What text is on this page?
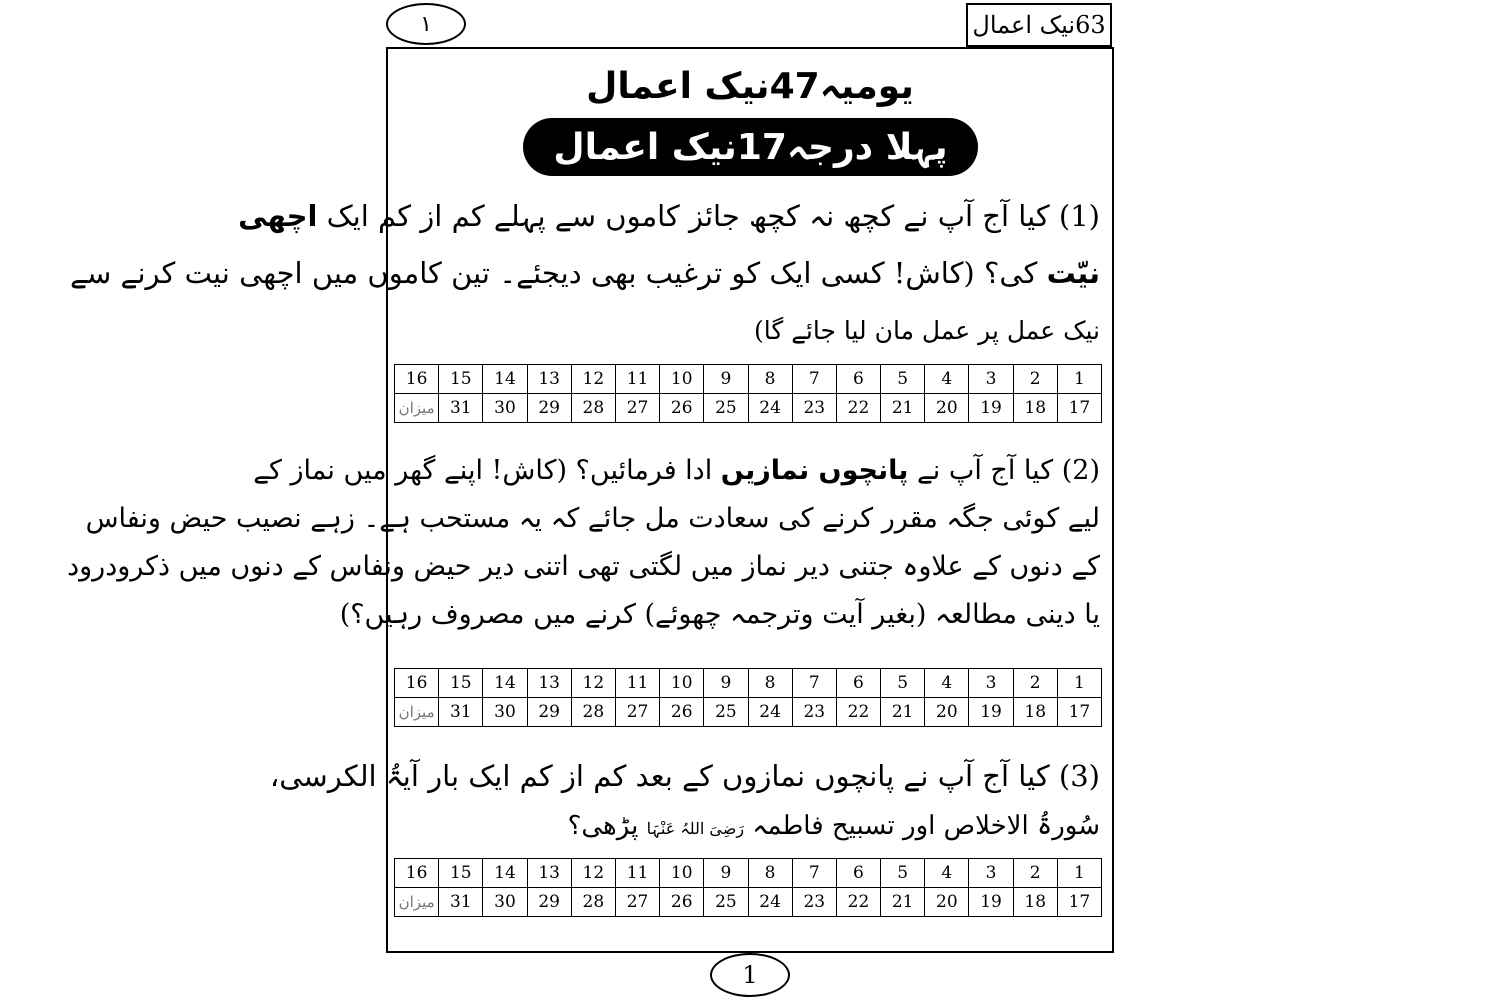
١	63نیک اعمال
یومیہ47نیک اعمال
پہلا درجہ17نیک اعمال

(1) کیا آج آپ نے کچھ نہ کچھ جائز کاموں سے پہلے کم از کم ایک اچھی

نیّت کی؟ (کاش! کسی ایک کو ترغیب بھی دیجئے۔ تین کاموں میں اچھی نیت کرنے سے

نیک عمل پر عمل مان لیا جائے گا)

16	15	14	13	12	11	10	9	8	7	6	5	4	3	2	1
میزان	31	30	29	28	27	26	25	24	23	22	21	20	19	18	17

(2) کیا آج آپ نے پانچوں نمازیں ادا فرمائیں؟ (کاش! اپنے گھر میں نماز کے

لیے کوئی جگہ مقرر کرنے کی سعادت مل جائے کہ یہ مستحب ہے۔ زہے نصیب حیض ونفاس

کے دنوں کے علاوہ جتنی دیر نماز میں لگتی تھی اتنی دیر حیض ونفاس کے دنوں میں ذکرودرود

یا دینی مطالعہ (بغیر آیت وترجمہ چھوئے) کرنے میں مصروف رہیں؟)

16	15	14	13	12	11	10	9	8	7	6	5	4	3	2	1
میزان	31	30	29	28	27	26	25	24	23	22	21	20	19	18	17

(3) کیا آج آپ نے پانچوں نمازوں کے بعد کم از کم ایک بار آیۃُ الکرسی،

سُورۃُ الاخلاص اور تسبیح فاطمہ رَضِیَ اللہُ عَنْہَا پڑھی؟

16	15	14	13	12	11	10	9	8	7	6	5	4	3	2	1
میزان	31	30	29	28	27	26	25	24	23	22	21	20	19	18	17
1
